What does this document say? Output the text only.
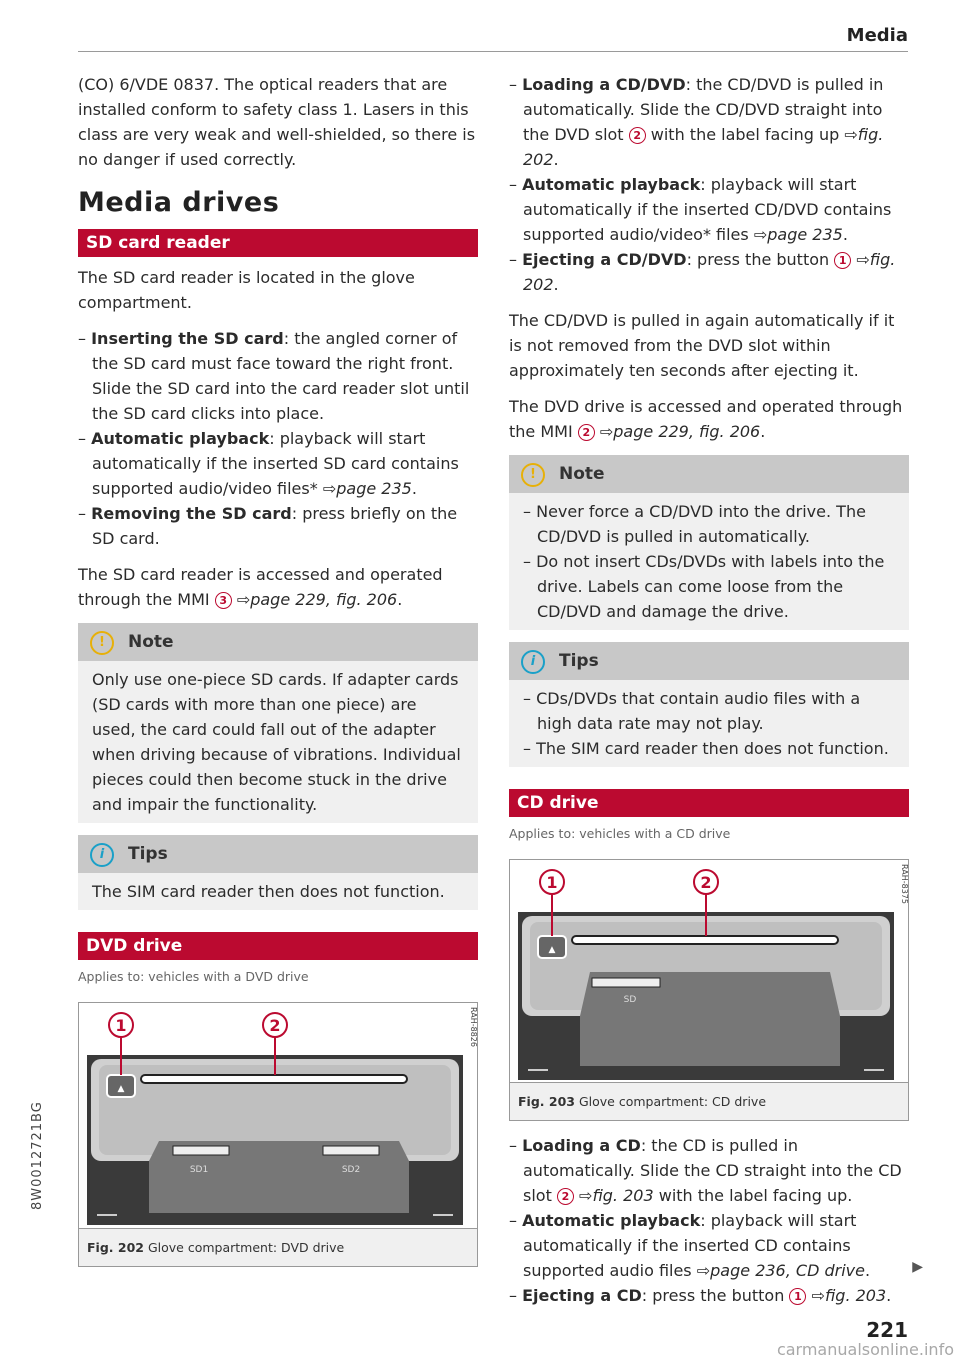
Media

(CO) 6/VDE 0837. The optical readers that are installed conform to safety class 1. Lasers in this class are very weak and well-shielded, so there is no danger if used correctly.

Media drives
SD card reader

The SD card reader is located in the glove compartment.

– Inserting the SD card: the angled corner of the SD card must face toward the right front. Slide the SD card into the card reader slot until the SD card clicks into place.
– Automatic playback: playback will start automatically if the inserted SD card contains supported audio/video files* ⇨page 235.
– Removing the SD card: press briefly on the SD card.

The SD card reader is accessed and operated through the MMI 3 ⇨page 229, fig. 206.

! Note

Only use one-piece SD cards. If adapter cards (SD cards with more than one piece) are used, the card could fall out of the adapter when driving because of vibrations. Individual pieces could then become stuck in the drive and impair the functionality.

i Tips

The SIM card reader then does not function.

DVD drive
Applies to: vehicles with a DVD drive
▲
SD1	SD2
1	2	RAH-8826
Fig. 202 Glove compartment: DVD drive
– Loading a CD/DVD: the CD/DVD is pulled in automatically. Slide the CD/DVD straight into the DVD slot 2 with the label facing up ⇨fig. 202.
– Automatic playback: playback will start automatically if the inserted CD/DVD contains supported audio/video* files ⇨page 235.
– Ejecting a CD/DVD: press the button 1 ⇨fig. 202.

The CD/DVD is pulled in again automatically if it is not removed from the DVD slot within approximately ten seconds after ejecting it.

The DVD drive is accessed and operated through the MMI 2 ⇨page 229, fig. 206.

! Note
– Never force a CD/DVD into the drive. The CD/DVD is pulled in automatically.
– Do not insert CDs/DVDs with labels into the drive. Labels can come loose from the CD/DVD and damage the drive.
i Tips
– CDs/DVDs that contain audio files with a high data rate may not play.
– The SIM card reader then does not function.
CD drive
Applies to: vehicles with a CD drive
▲
SD
1	2	RAH-8375
Fig. 203 Glove compartment: CD drive
– Loading a CD: the CD is pulled in automatically. Slide the CD straight into the CD slot 2 ⇨fig. 203 with the label facing up.
– Automatic playback: playback will start automatically if the inserted CD contains supported audio files ⇨page 236, CD drive.
– Ejecting a CD: press the button 1 ⇨fig. 203.
▶
8W0012721BG
221
carmanualsonline.info
